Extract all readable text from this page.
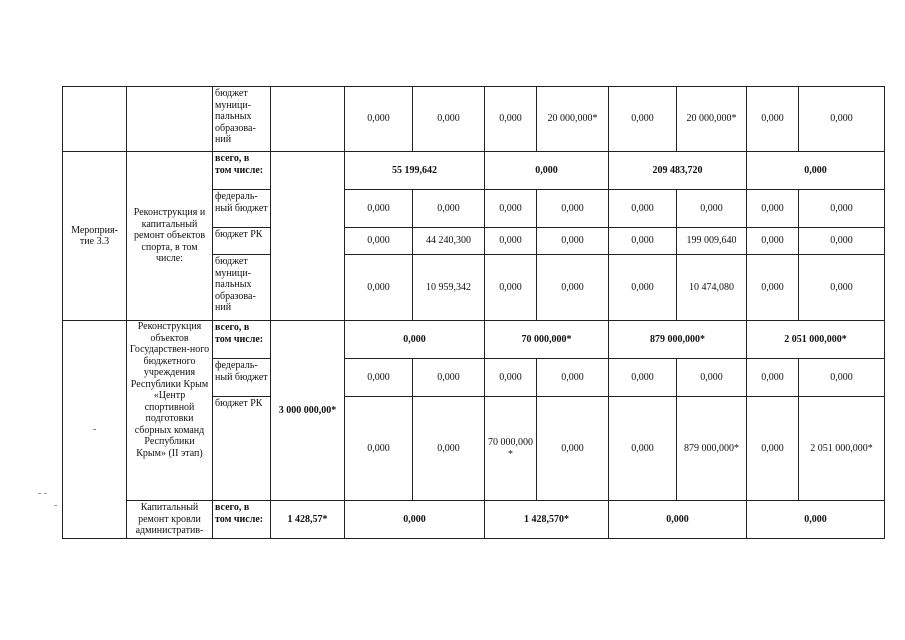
		бюджет муници-пальных образова-ний		0,000	0,000	0,000	20 000,000*	0,000	20 000,000*	0,000	0,000
Мероприя-тие 3.3	Реконструкция и капитальный ремонт объектов спорта, в том числе:	всего, в том числе:		55 199,642		0,000		209 483,720		0,000	
		федераль-ный бюджет		0,000	0,000	0,000	0,000	0,000	0,000	0,000	0,000
		бюджет РК		0,000	44 240,300	0,000	0,000	0,000	199 009,640	0,000	0,000
		бюджет муници-пальных образова-ний		0,000	10 959,342	0,000	0,000	0,000	10 474,080	0,000	0,000
-	Реконструкция объектов Государствен-ного бюджетного учреждения Республики Крым «Центр спортивной подготовки сборных команд Республики Крым» (II этап)	всего, в том числе:	3 000 000,00*	0,000		70 000,000*		879 000,000*		2 051 000,000*	
		федераль-ный бюджет		0,000	0,000	0,000	0,000	0,000	0,000	0,000	0,000
		бюджет РК		0,000	0,000	70 000,000 *	0,000	0,000	879 000,000*	0,000	2 051 000,000*
	Капитальный ремонт кровли административ-	всего, в том числе:	1 428,57*	0,000		1 428,570*		0,000		0,000	
- -
-
